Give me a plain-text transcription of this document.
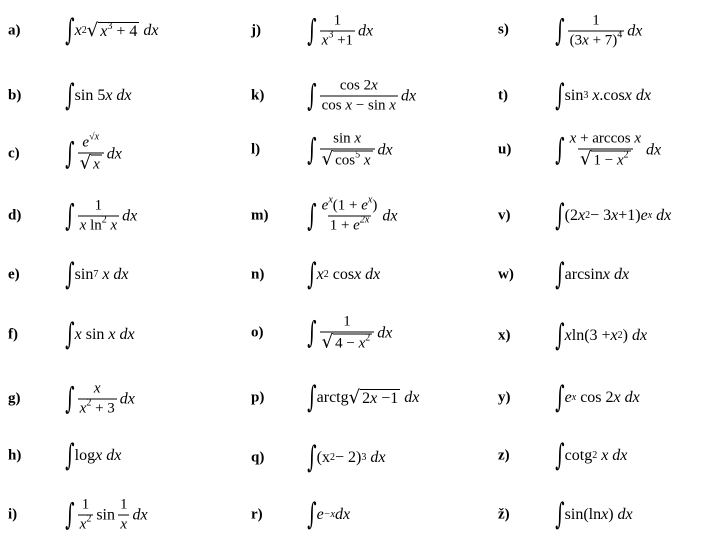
a)
b)
c)
d)
e)
f)
g)
h)
i)
j)
k)
l)
m)
n)
o)
p)
q)
r)
s)
t)
u)
v)
w)
x)
y)
z)
ž)
∫ x 2 √ $x^3 + 4$ dx
∫ sin 5 x dx
∫ $\frac{e^{√x}}{√ x}$ dx
∫ $\frac{1}{x \ln^2 x}$ dx
∫ sin 7 x dx
∫ x sin x dx
∫ $\frac{x}{x^2 + 3}$ dx
∫ log x dx
∫ $\frac{1}{x^2}$ $\sin \frac{1}{x}$ dx
∫ $\frac{1}{x^3 +1}$ dx
∫ $\frac{\cos 2x}{\text{cos x − sin x}}$ dx
∫ $\frac{\text{sin x}}{√ \cos^5 x}$ dx
∫ $\frac{e^x(1 + e^x)}{1 + e^{2x}}$ dx
∫ x 2 cos x dx
∫ $\frac{1}{√ 4 - x^2}$ dx
∫ arctg √ 2x −1 dx
∫ (x 2 − 2) 3 dx
∫ e −x dx
∫ $\frac{1}{(3x + 7)^4}$ dx
∫ sin 3 x .cos x dx
∫ $\frac{\text{x + arccos x}}{√ 1 - x^2}$ dx
∫ (2 x 2 − 3 x +1) e x dx
∫ arcsin x dx
∫ x ln(3 + x 2 ) dx
∫ e x cos 2 x dx
∫ cotg 2 x dx
∫ sin(ln x ) dx
